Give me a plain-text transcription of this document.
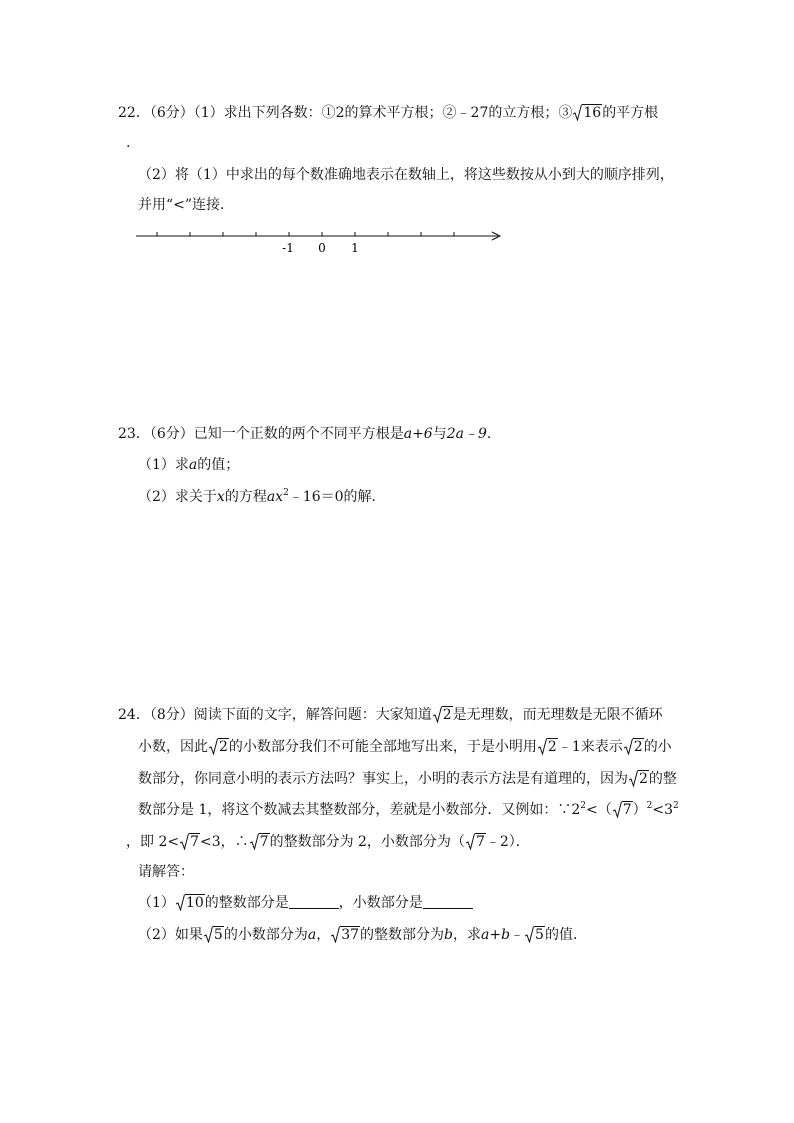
22．（6分）（1）求出下列各数：①2的算术平方根；②﹣27的立方根；③ 16的平方根
.
（2）将（1）中求出的每个数准确地表示在数轴上，将这些数按从小到大的顺序排列，
并用“<”连接．
-1 0 1
23．（6分）已知一个正数的两个不同平方根是a+6与2a﹣9．
（1）求a的值；
（2）求关于x的方程$ax^2﹣16=0$的解．
24．（8分）阅读下面的文字，解答问题：大家知道 2是无理数，而无理数是无限不循环
小数，因此 2的小数部分我们不可能全部地写出来，于是小明用 2﹣1来表示 2的小
数部分，你同意小明的表示方法吗？事实上，小明的表示方法是有道理的，因为 2的整
数部分是 1，将这个数减去其整数部分，差就是小数部分．又例如：$\because 2^2<$（ $7)^2<3^2$
，即 2< 7<3，∴ 7的整数部分为 2，小数部分为（ 7﹣2）．
请解答：
（1） 10的整数部分是	，小数部分是
（2）如果 5的小数部分为a， 37的整数部分为b，求a+b﹣ 5的值．
